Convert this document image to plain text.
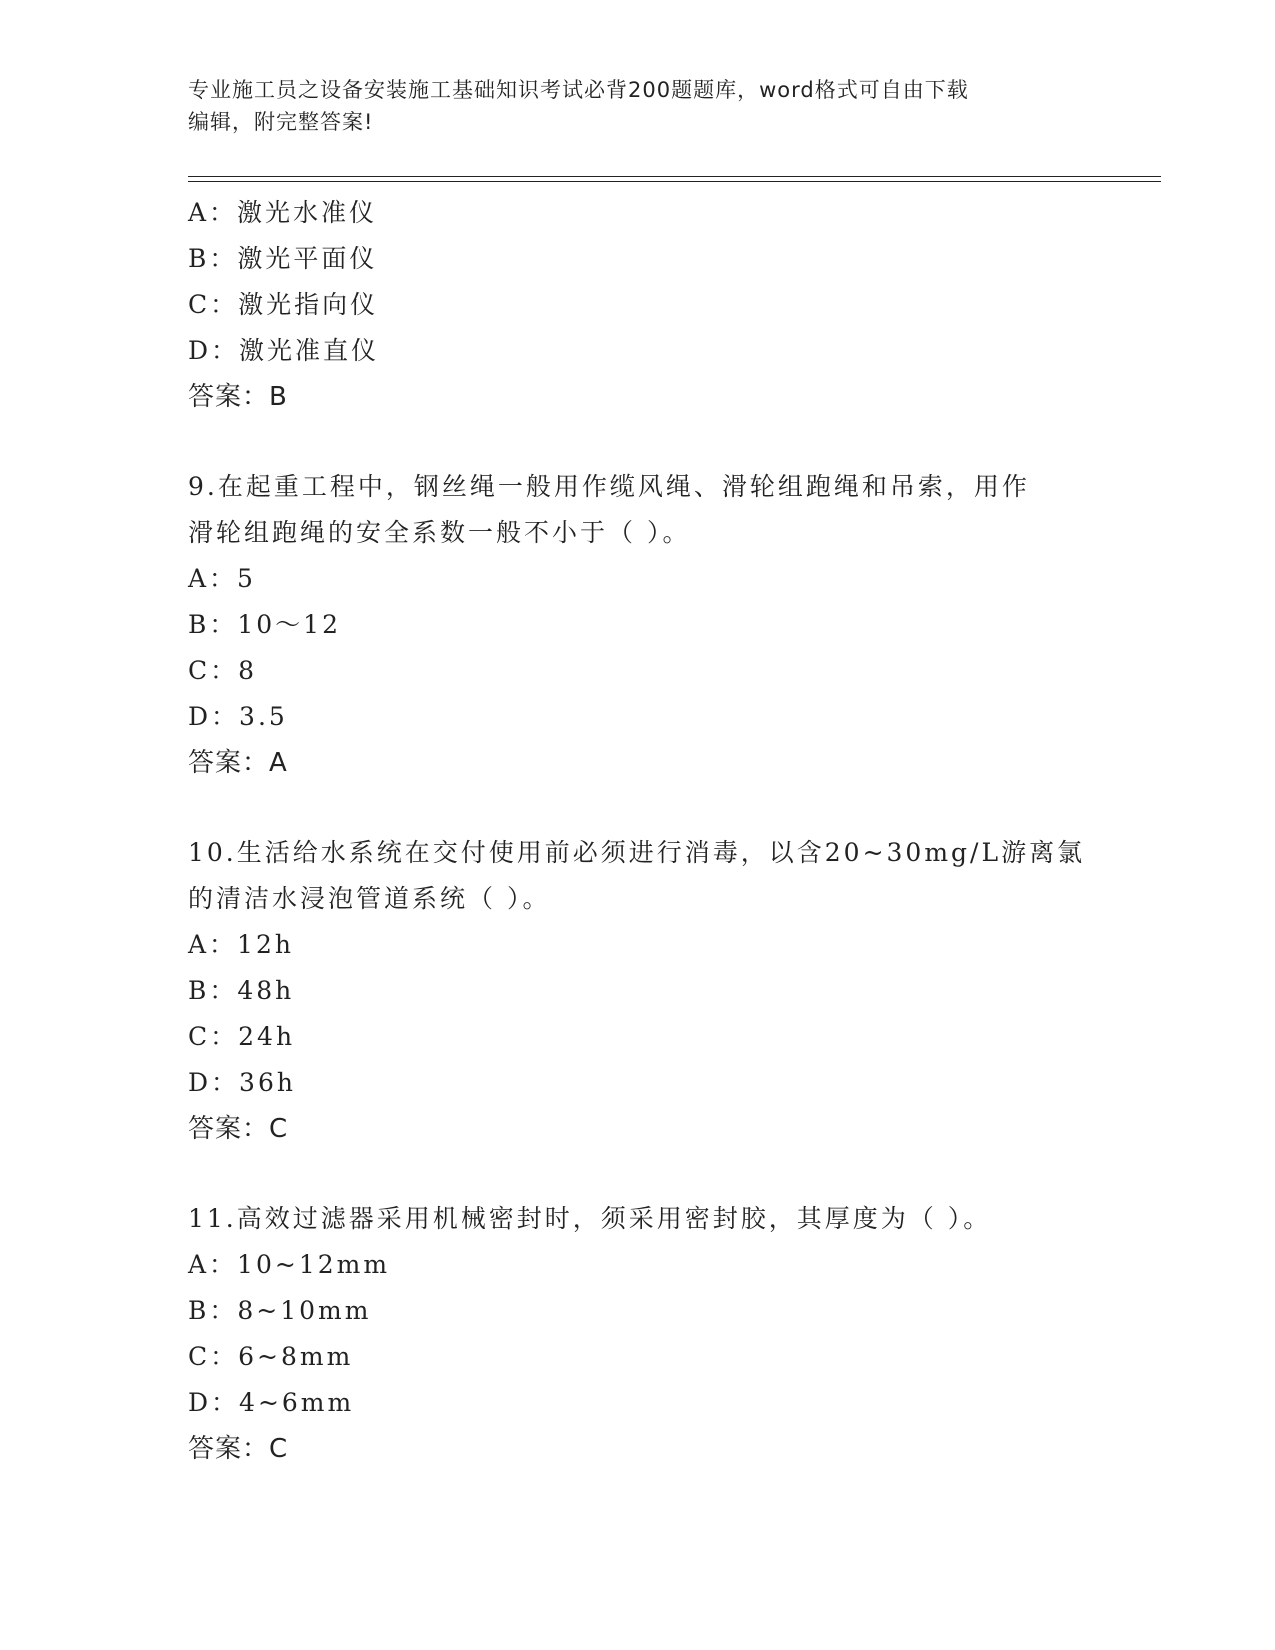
专业施工员之设备安装施工基础知识考试必背200题题库，word格式可自由下载
编辑，附完整答案!
A：激光水准仪
B：激光平面仪
C：激光指向仪
D：激光准直仪
答案：B
9.在起重工程中，钢丝绳一般用作缆风绳、滑轮组跑绳和吊索，用作
滑轮组跑绳的安全系数一般不小于（ ）。
A：5
B：10～12
C：8
D：3.5
答案：A
10.生活给水系统在交付使用前必须进行消毒，以含20~30mg/L游离氯
的清洁水浸泡管道系统（ ）。
A：12h
B：48h
C：24h
D：36h
答案：C
11.高效过滤器采用机械密封时，须采用密封胶，其厚度为（ ）。
A：10~12mm
B：8~10mm
C：6~8mm
D：4~6mm
答案：C
